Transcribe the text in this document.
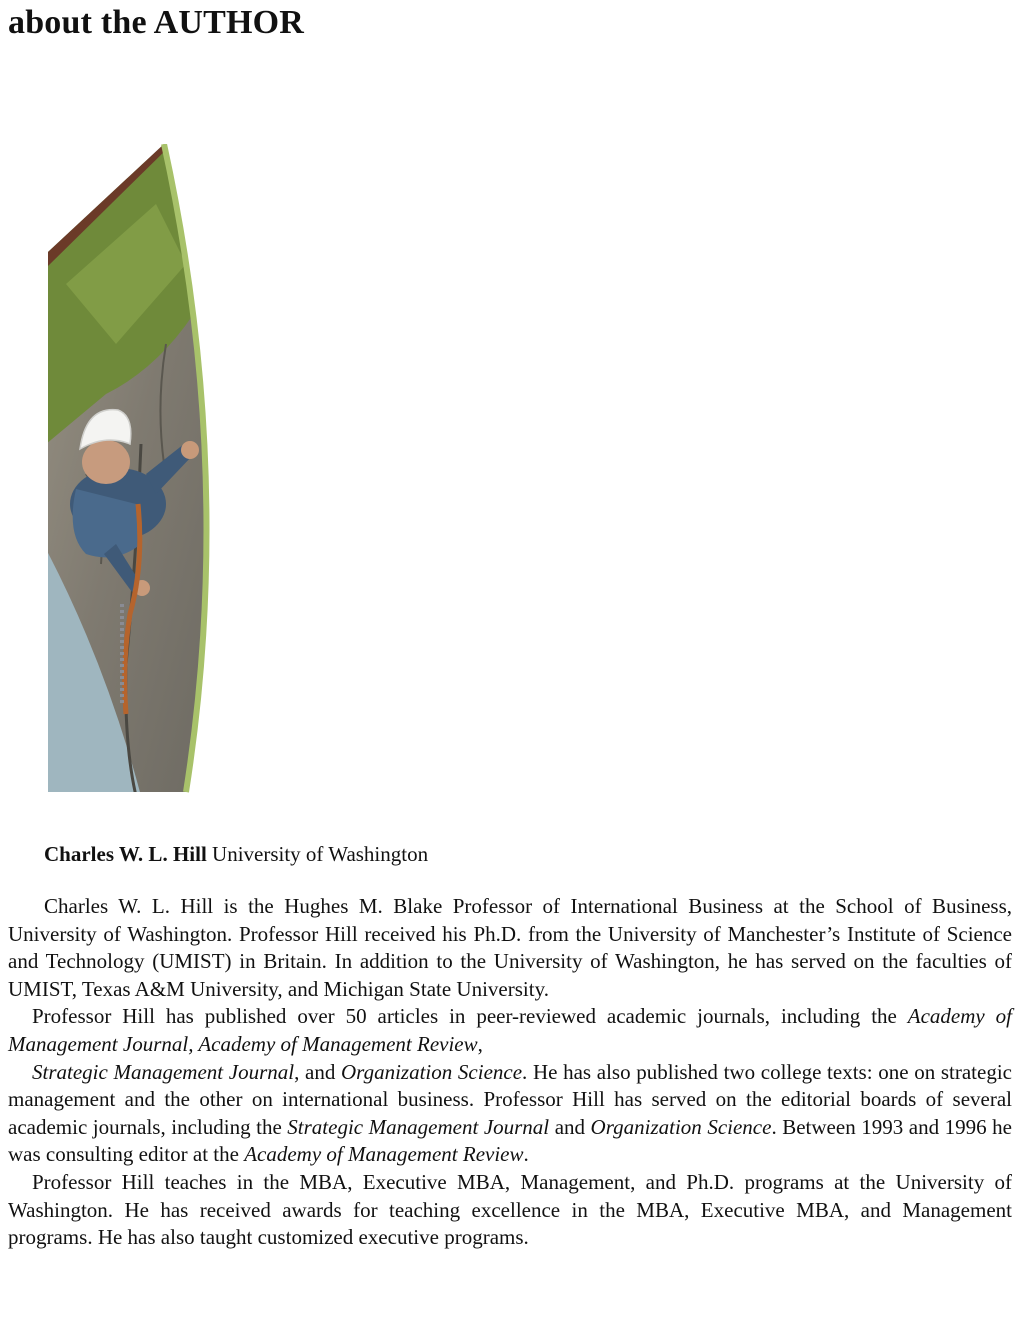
about the AUTHOR
Charles W. L. Hill University of Washington

Charles W. L. Hill is the Hughes M. Blake Professor of International Business at the School of Business, University of Washington. Professor Hill received his Ph.D. from the University of Manchester’s Institute of Science and Technology (UMIST) in Britain. In addition to the University of Washington, he has served on the faculties of UMIST, Texas A&M University, and Michigan State University.

Professor Hill has published over 50 articles in peer-reviewed academic journals, including the Academy of Management Journal, Academy of Management Review,

Strategic Management Journal, and Organization Science. He has also published two college texts: one on strategic management and the other on international business. Professor Hill has served on the editorial boards of several academic journals, including the Strategic Management Journal and Organization Science. Between 1993 and 1996 he was consulting editor at the Academy of Management Review.

Professor Hill teaches in the MBA, Executive MBA, Management, and Ph.D. programs at the University of Washington. He has received awards for teaching excellence in the MBA, Executive MBA, and Management programs. He has also taught customized executive programs.
